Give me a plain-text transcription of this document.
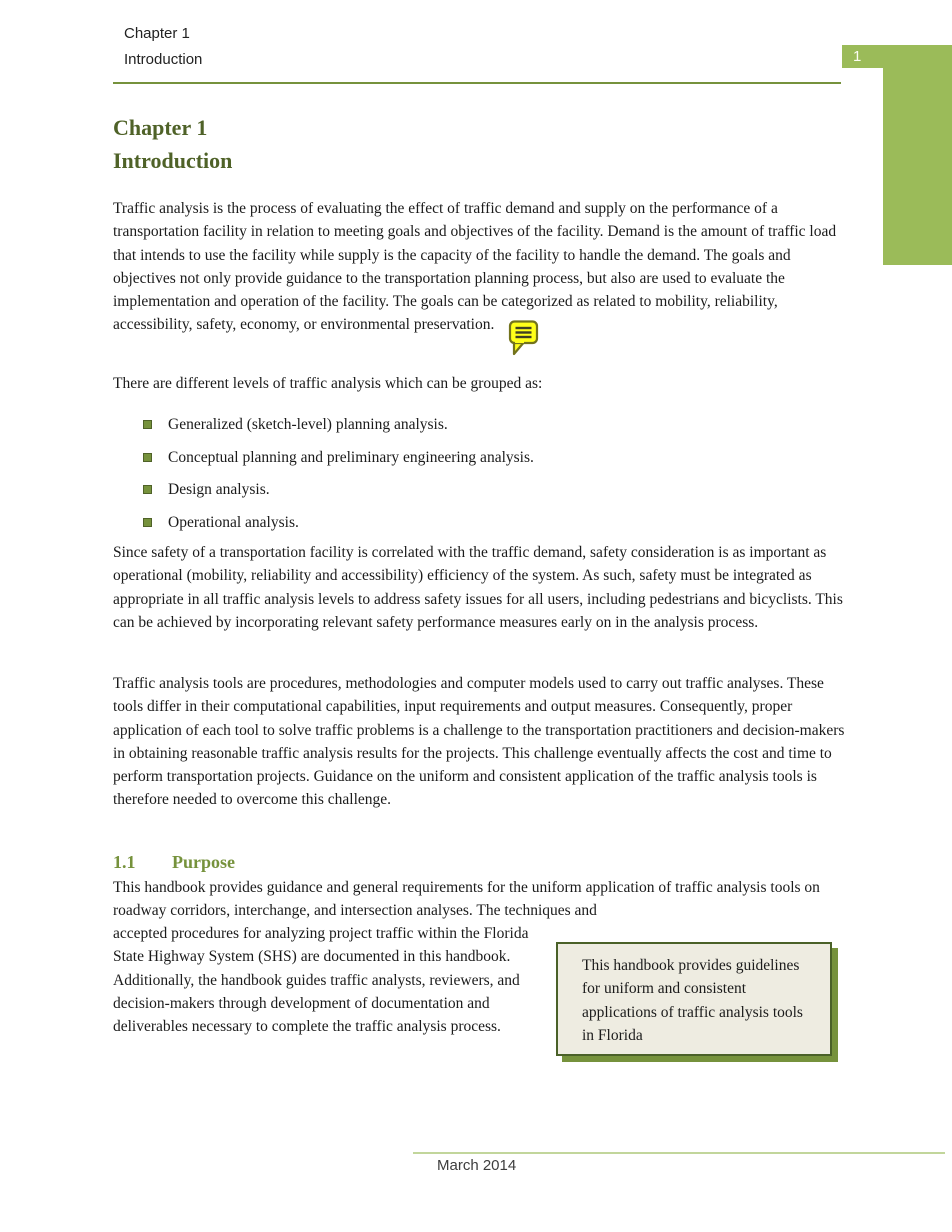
Chapter 1
Introduction	1
Chapter 1
Introduction

Traffic analysis is the process of evaluating the effect of traffic demand and supply on the performance of a transportation facility in relation to meeting goals and objectives of the facility. Demand is the amount of traffic load that intends to use the facility while supply is the capacity of the facility to handle the demand. The goals and objectives not only provide guidance to the transportation planning process, but also are used to evaluate the implementation and operation of the facility. The goals can be categorized as related to mobility, reliability, accessibility, safety, economy, or environmental preservation.

There are different levels of traffic analysis which can be grouped as:

Generalized (sketch-level) planning analysis.
Conceptual planning and preliminary engineering analysis.
Design analysis.
Operational analysis.

Since safety of a transportation facility is correlated with the traffic demand, safety consideration is as important as operational (mobility, reliability and accessibility) efficiency of the system. As such, safety must be integrated as appropriate in all traffic analysis levels to address safety issues for all users, including pedestrians and bicyclists. This can be achieved by incorporating relevant safety performance measures early on in the analysis process.

Traffic analysis tools are procedures, methodologies and computer models used to carry out traffic analyses. These tools differ in their computational capabilities, input requirements and output measures. Consequently, proper application of each tool to solve traffic problems is a challenge to the transportation practitioners and decision-makers in obtaining reasonable traffic analysis results for the projects. This challenge eventually affects the cost and time to perform transportation projects. Guidance on the uniform and consistent application of the traffic analysis tools is therefore needed to overcome this challenge.

1.1 Purpose

This handbook provides guidance and general requirements for the uniform application of traffic analysis tools on roadway corridors, interchange, and intersection analyses. The techniques and

accepted procedures for analyzing project traffic within the Florida State Highway System (SHS) are documented in this handbook. Additionally, the handbook guides traffic analysts, reviewers, and decision-makers through development of documentation and deliverables necessary to complete the traffic analysis process.

This handbook provides guidelines for uniform and consistent applications of traffic analysis tools in Florida
March 2014
